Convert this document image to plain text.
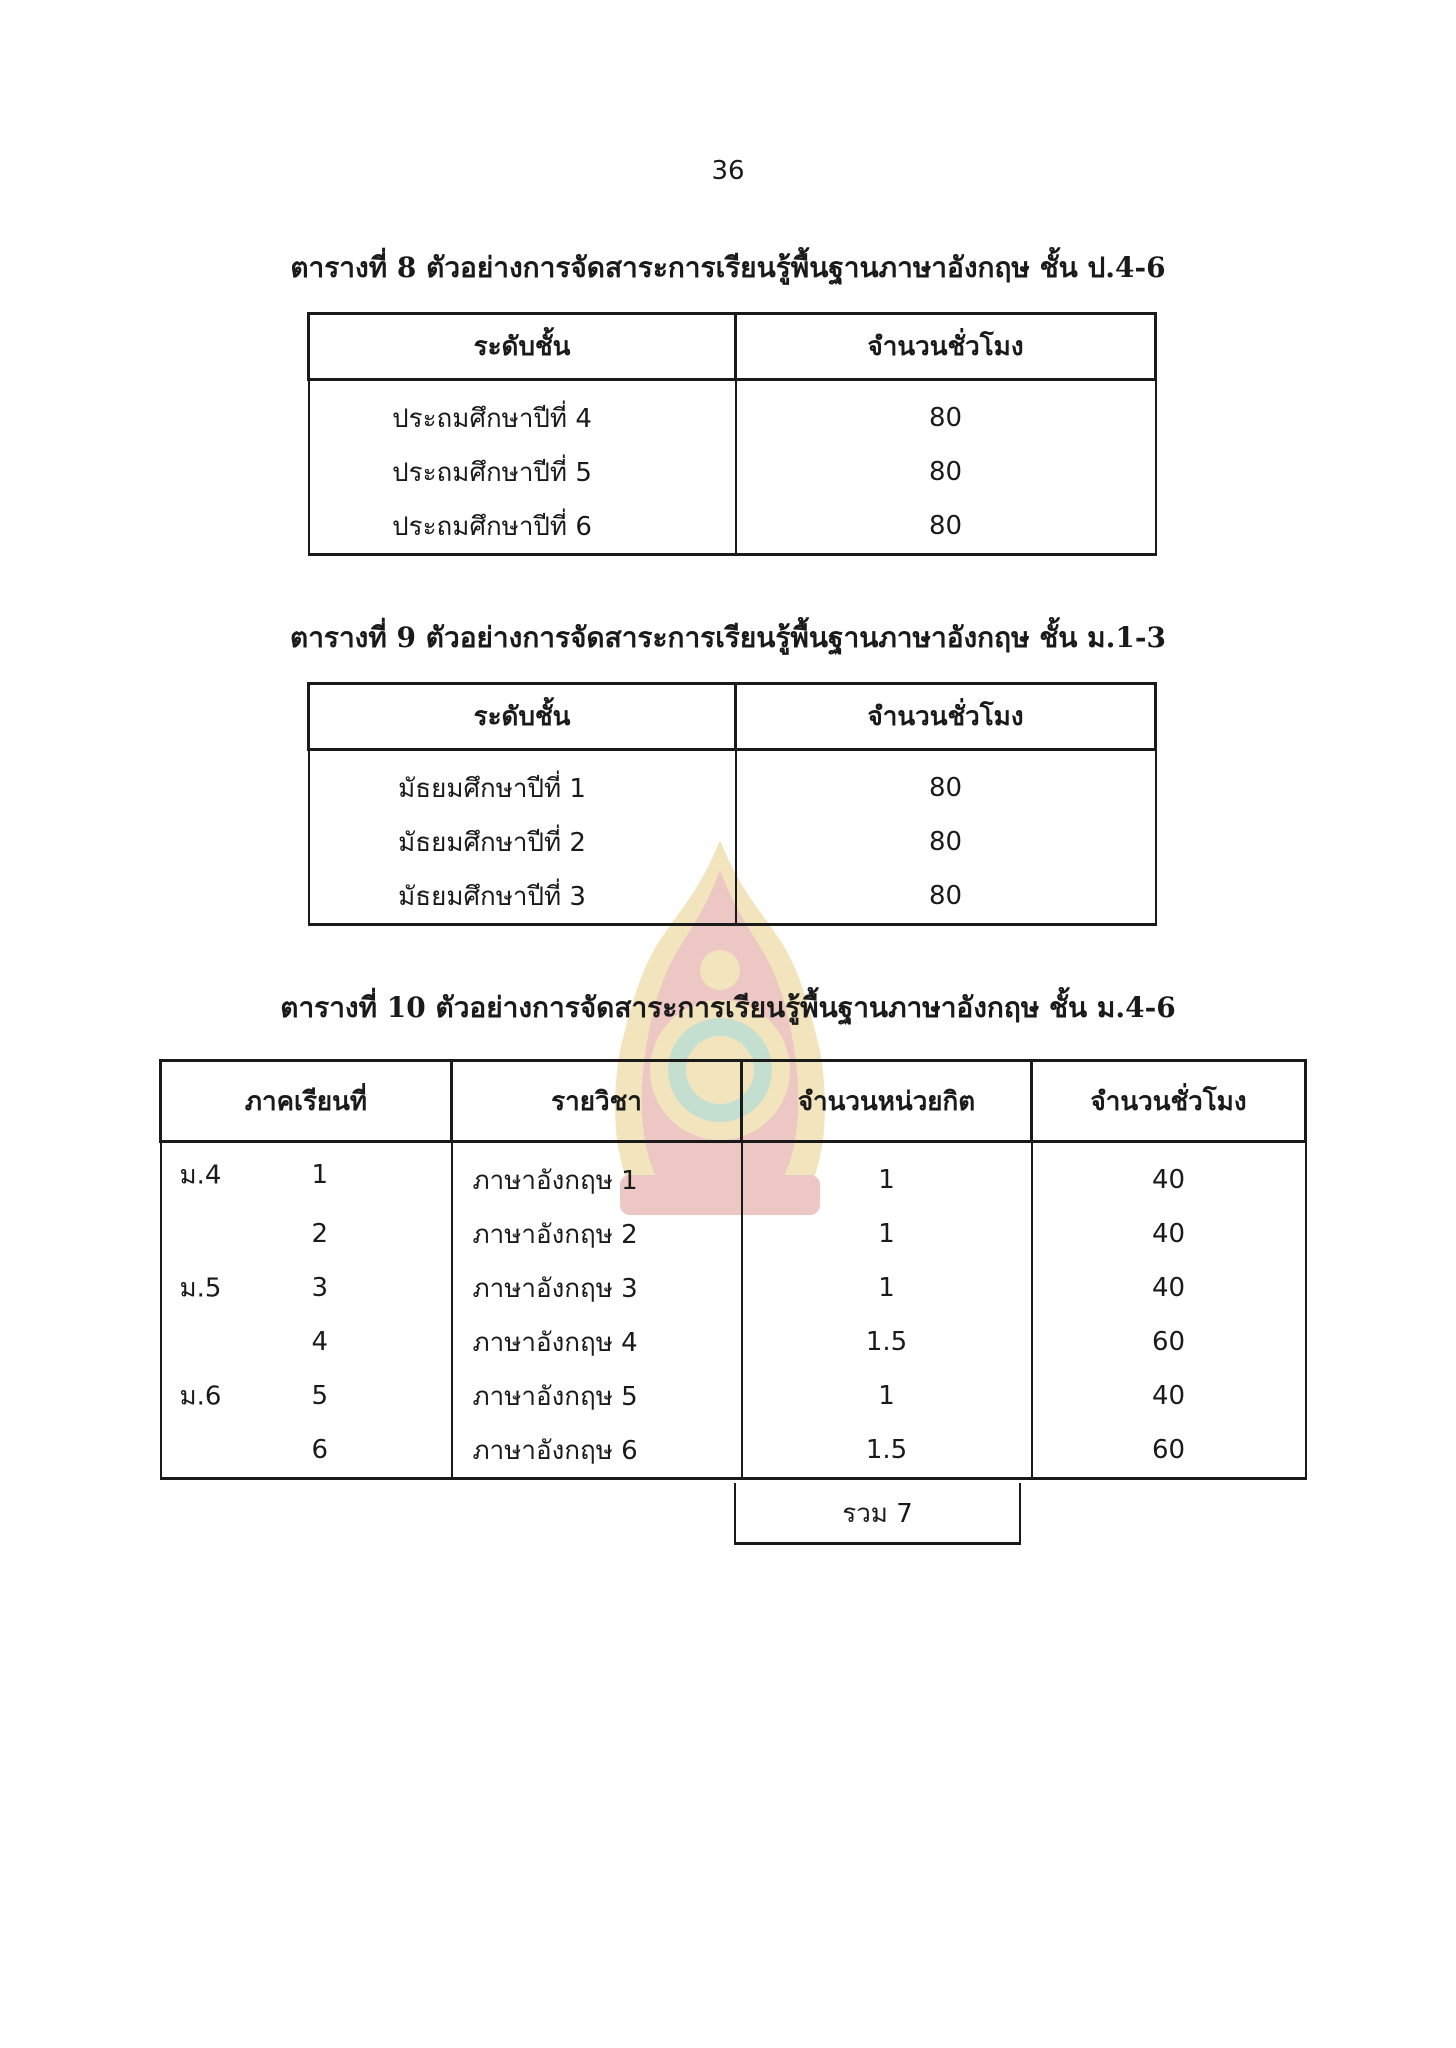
36
ตารางที่ 8 ตัวอย่างการจัดสาระการเรียนรู้พื้นฐานภาษาอังกฤษ ชั้น ป.4-6
ระดับชั้น	จำนวนชั่วโมง
ประถมศึกษาปีที่ 4	80
ประถมศึกษาปีที่ 5	80
ประถมศึกษาปีที่ 6	80
ตารางที่ 9 ตัวอย่างการจัดสาระการเรียนรู้พื้นฐานภาษาอังกฤษ ชั้น ม.1-3
ระดับชั้น	จำนวนชั่วโมง
มัธยมศึกษาปีที่ 1	80
มัธยมศึกษาปีที่ 2	80
มัธยมศึกษาปีที่ 3	80
ตารางที่ 10 ตัวอย่างการจัดสาระการเรียนรู้พื้นฐานภาษาอังกฤษ ชั้น ม.4-6
ภาคเรียนที่	รายวิชา	จำนวนหน่วยกิต	จำนวนชั่วโมง

ม.4 1	ภาษาอังกฤษ 1	1	40

2	ภาษาอังกฤษ 2	1	40

ม.5 3	ภาษาอังกฤษ 3	1	40

4	ภาษาอังกฤษ 4	1.5	60

ม.6 5	ภาษาอังกฤษ 5	1	40

6	ภาษาอังกฤษ 6	1.5	60
รวม 7
